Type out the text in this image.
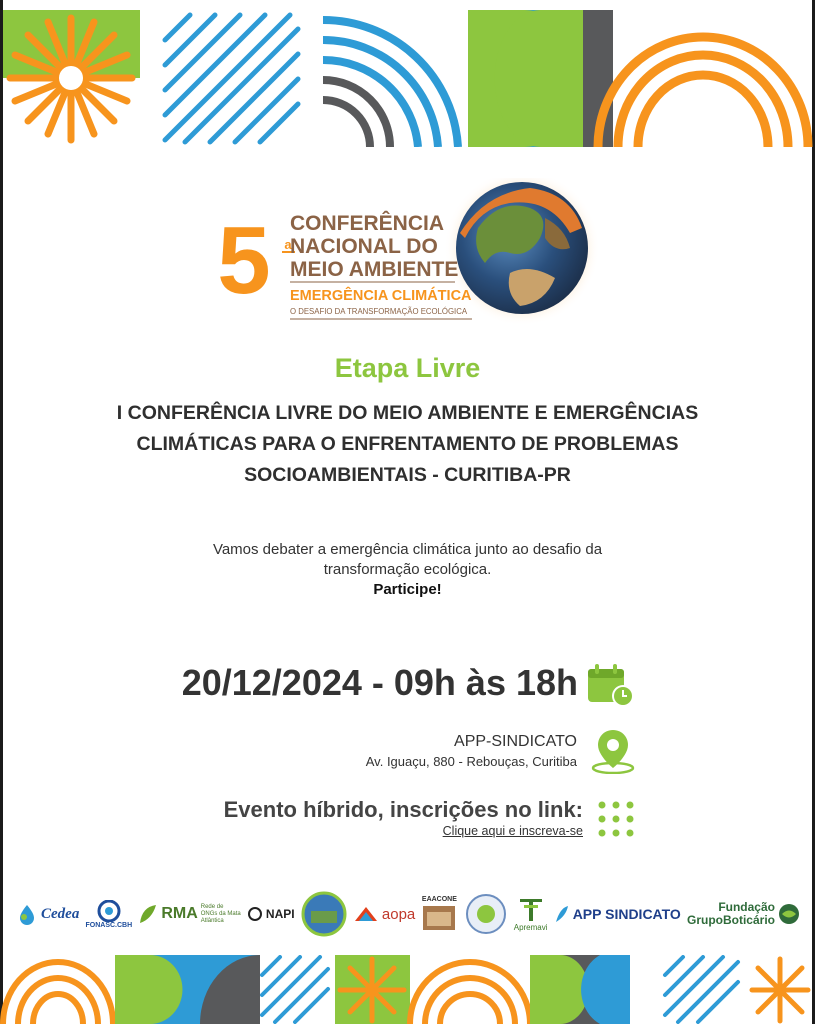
5 a
CONFERÊNCIA
NACIONAL DO
MEIO AMBIENTE
EMERGÊNCIA CLIMÁTICA
O DESAFIO DA TRANSFORMAÇÃO ECOLÓGICA
Etapa Livre
I CONFERÊNCIA LIVRE DO MEIO AMBIENTE E EMERGÊNCIAS
CLIMÁTICAS PARA O ENFRENTAMENTO DE PROBLEMAS
SOCIOAMBIENTAIS - CURITIBA-PR
Vamos debater a emergência climática junto ao desafio da
transformação ecológica.
Participe!
20/12/2024 - 09h às 18h
APP-SINDICATO
Av. Iguaçu, 880 - Rebouças, Curitiba
Evento híbrido, inscrições no link:
Clique aqui e inscreva-se
Cedea
FONASC.CBH
RMA Rede de ONGs da Mata Atlântica	NAPI	aopa
EAACONE
Apremavi
APP SINDICATO	Fundação GrupoBoticário
